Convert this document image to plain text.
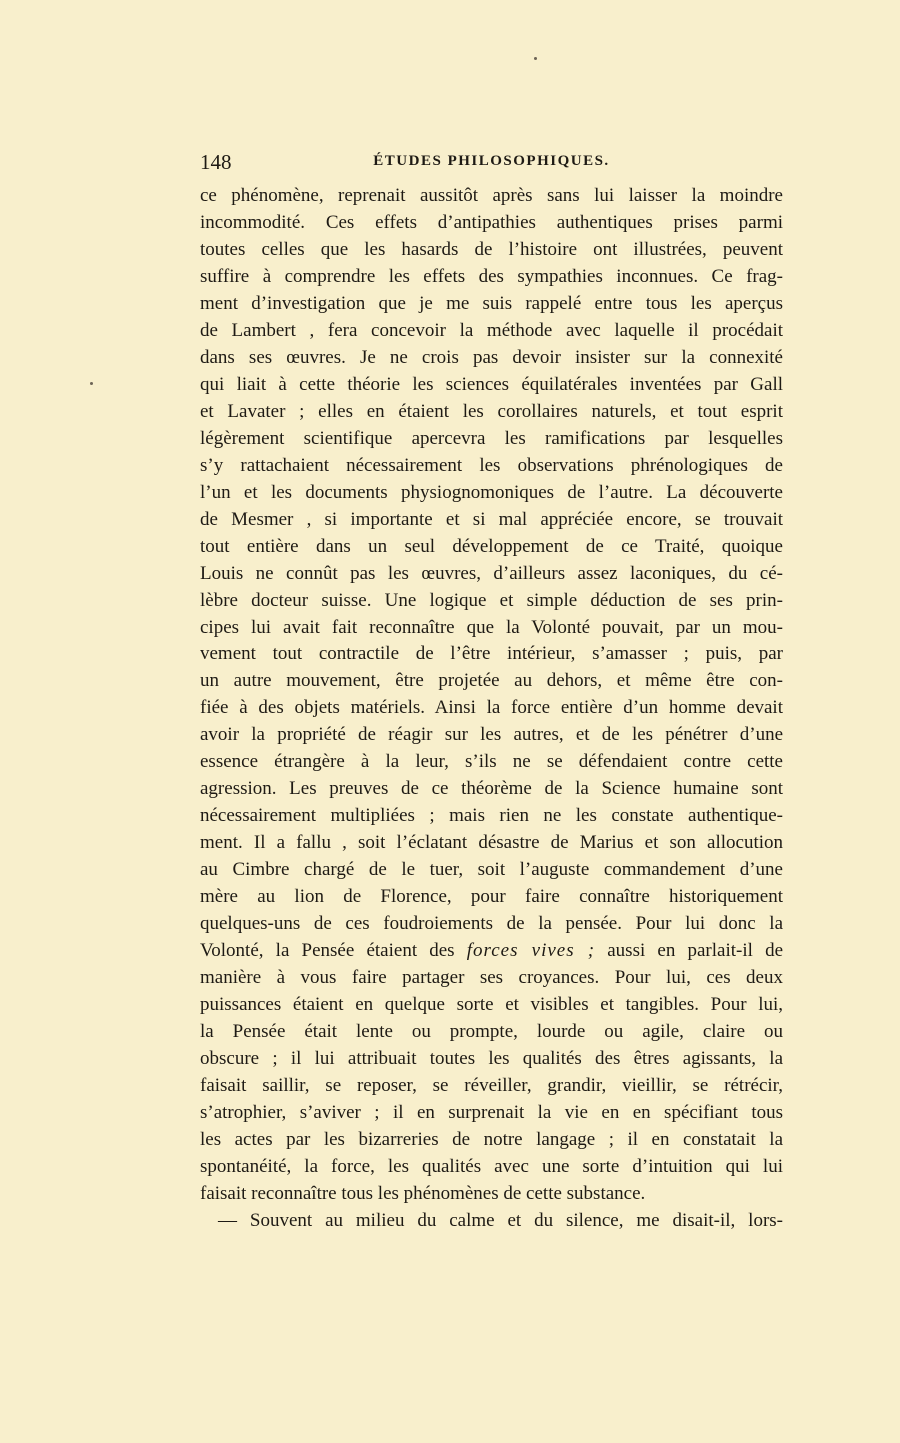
148	ÉTUDES PHILOSOPHIQUES.
ce phénomène, reprenait aussitôt après sans lui laisser la moindre
incommodité. Ces effets d’antipathies authentiques prises parmi
toutes celles que les hasards de l’histoire ont illustrées, peuvent
suffire à comprendre les effets des sympathies inconnues. Ce frag-
ment d’investigation que je me suis rappelé entre tous les aperçus
de Lambert , fera concevoir la méthode avec laquelle il procédait
dans ses œuvres. Je ne crois pas devoir insister sur la connexité
qui liait à cette théorie les sciences équilatérales inventées par Gall
et Lavater ; elles en étaient les corollaires naturels, et tout esprit
légèrement scientifique apercevra les ramifications par lesquelles
s’y rattachaient nécessairement les observations phrénologiques de
l’un et les documents physiognomoniques de l’autre. La découverte
de Mesmer , si importante et si mal appréciée encore, se trouvait
tout entière dans un seul développement de ce Traité, quoique
Louis ne connût pas les œuvres, d’ailleurs assez laconiques, du cé-
lèbre docteur suisse. Une logique et simple déduction de ses prin-
cipes lui avait fait reconnaître que la Volonté pouvait, par un mou-
vement tout contractile de l’être intérieur, s’amasser ; puis, par
un autre mouvement, être projetée au dehors, et même être con-
fiée à des objets matériels. Ainsi la force entière d’un homme devait
avoir la propriété de réagir sur les autres, et de les pénétrer d’une
essence étrangère à la leur, s’ils ne se défendaient contre cette
agression. Les preuves de ce théorème de la Science humaine sont
nécessairement multipliées ; mais rien ne les constate authentique-
ment. Il a fallu , soit l’éclatant désastre de Marius et son allocution
au Cimbre chargé de le tuer, soit l’auguste commandement d’une
mère au lion de Florence, pour faire connaître historiquement
quelques-uns de ces foudroiements de la pensée. Pour lui donc la
Volonté, la Pensée étaient des forces vives ; aussi en parlait-il de
manière à vous faire partager ses croyances. Pour lui, ces deux
puissances étaient en quelque sorte et visibles et tangibles. Pour lui,
la Pensée était lente ou prompte, lourde ou agile, claire ou
obscure ; il lui attribuait toutes les qualités des êtres agissants, la
faisait saillir, se reposer, se réveiller, grandir, vieillir, se rétrécir,
s’atrophier, s’aviver ; il en surprenait la vie en en spécifiant tous
les actes par les bizarreries de notre langage ; il en constatait la
spontanéité, la force, les qualités avec une sorte d’intuition qui lui
faisait reconnaître tous les phénomènes de cette substance.
— Souvent au milieu du calme et du silence, me disait-il, lors-
